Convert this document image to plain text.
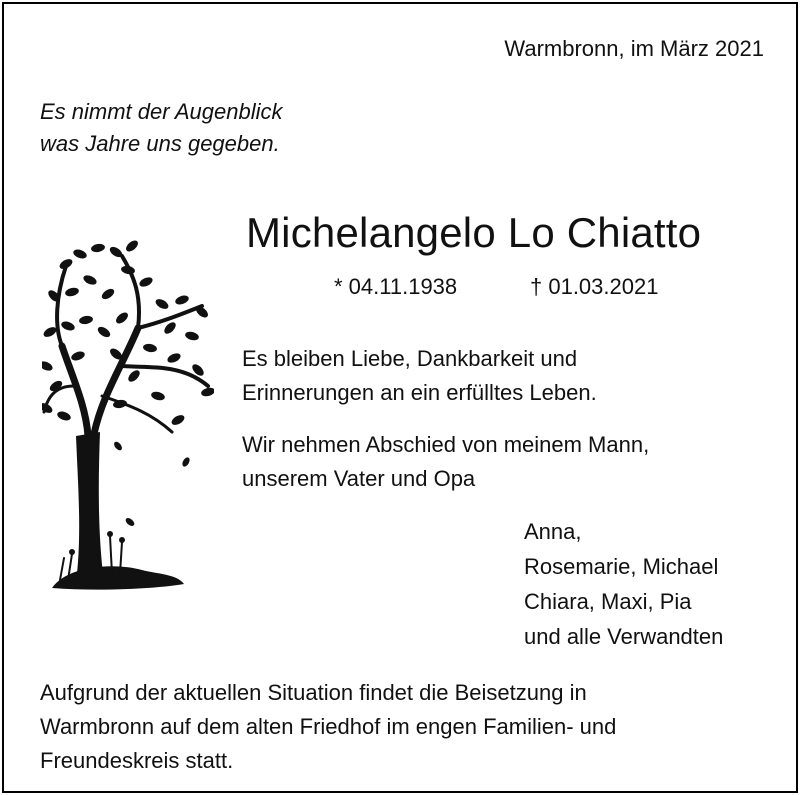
Warmbronn, im März 2021
Es nimmt der Augenblick
was Jahre uns gegeben.
Michelangelo Lo Chiatto
* 04.11.1938	† 01.03.2021
Es bleiben Liebe, Dankbarkeit und
Erinnerungen an ein erfülltes Leben.
Wir nehmen Abschied von meinem Mann,
unserem Vater und Opa
Anna,
Rosemarie, Michael
Chiara, Maxi, Pia
und alle Verwandten
Aufgrund der aktuellen Situation findet die Beisetzung in
Warmbronn auf dem alten Friedhof im engen Familien- und
Freundeskreis statt.
